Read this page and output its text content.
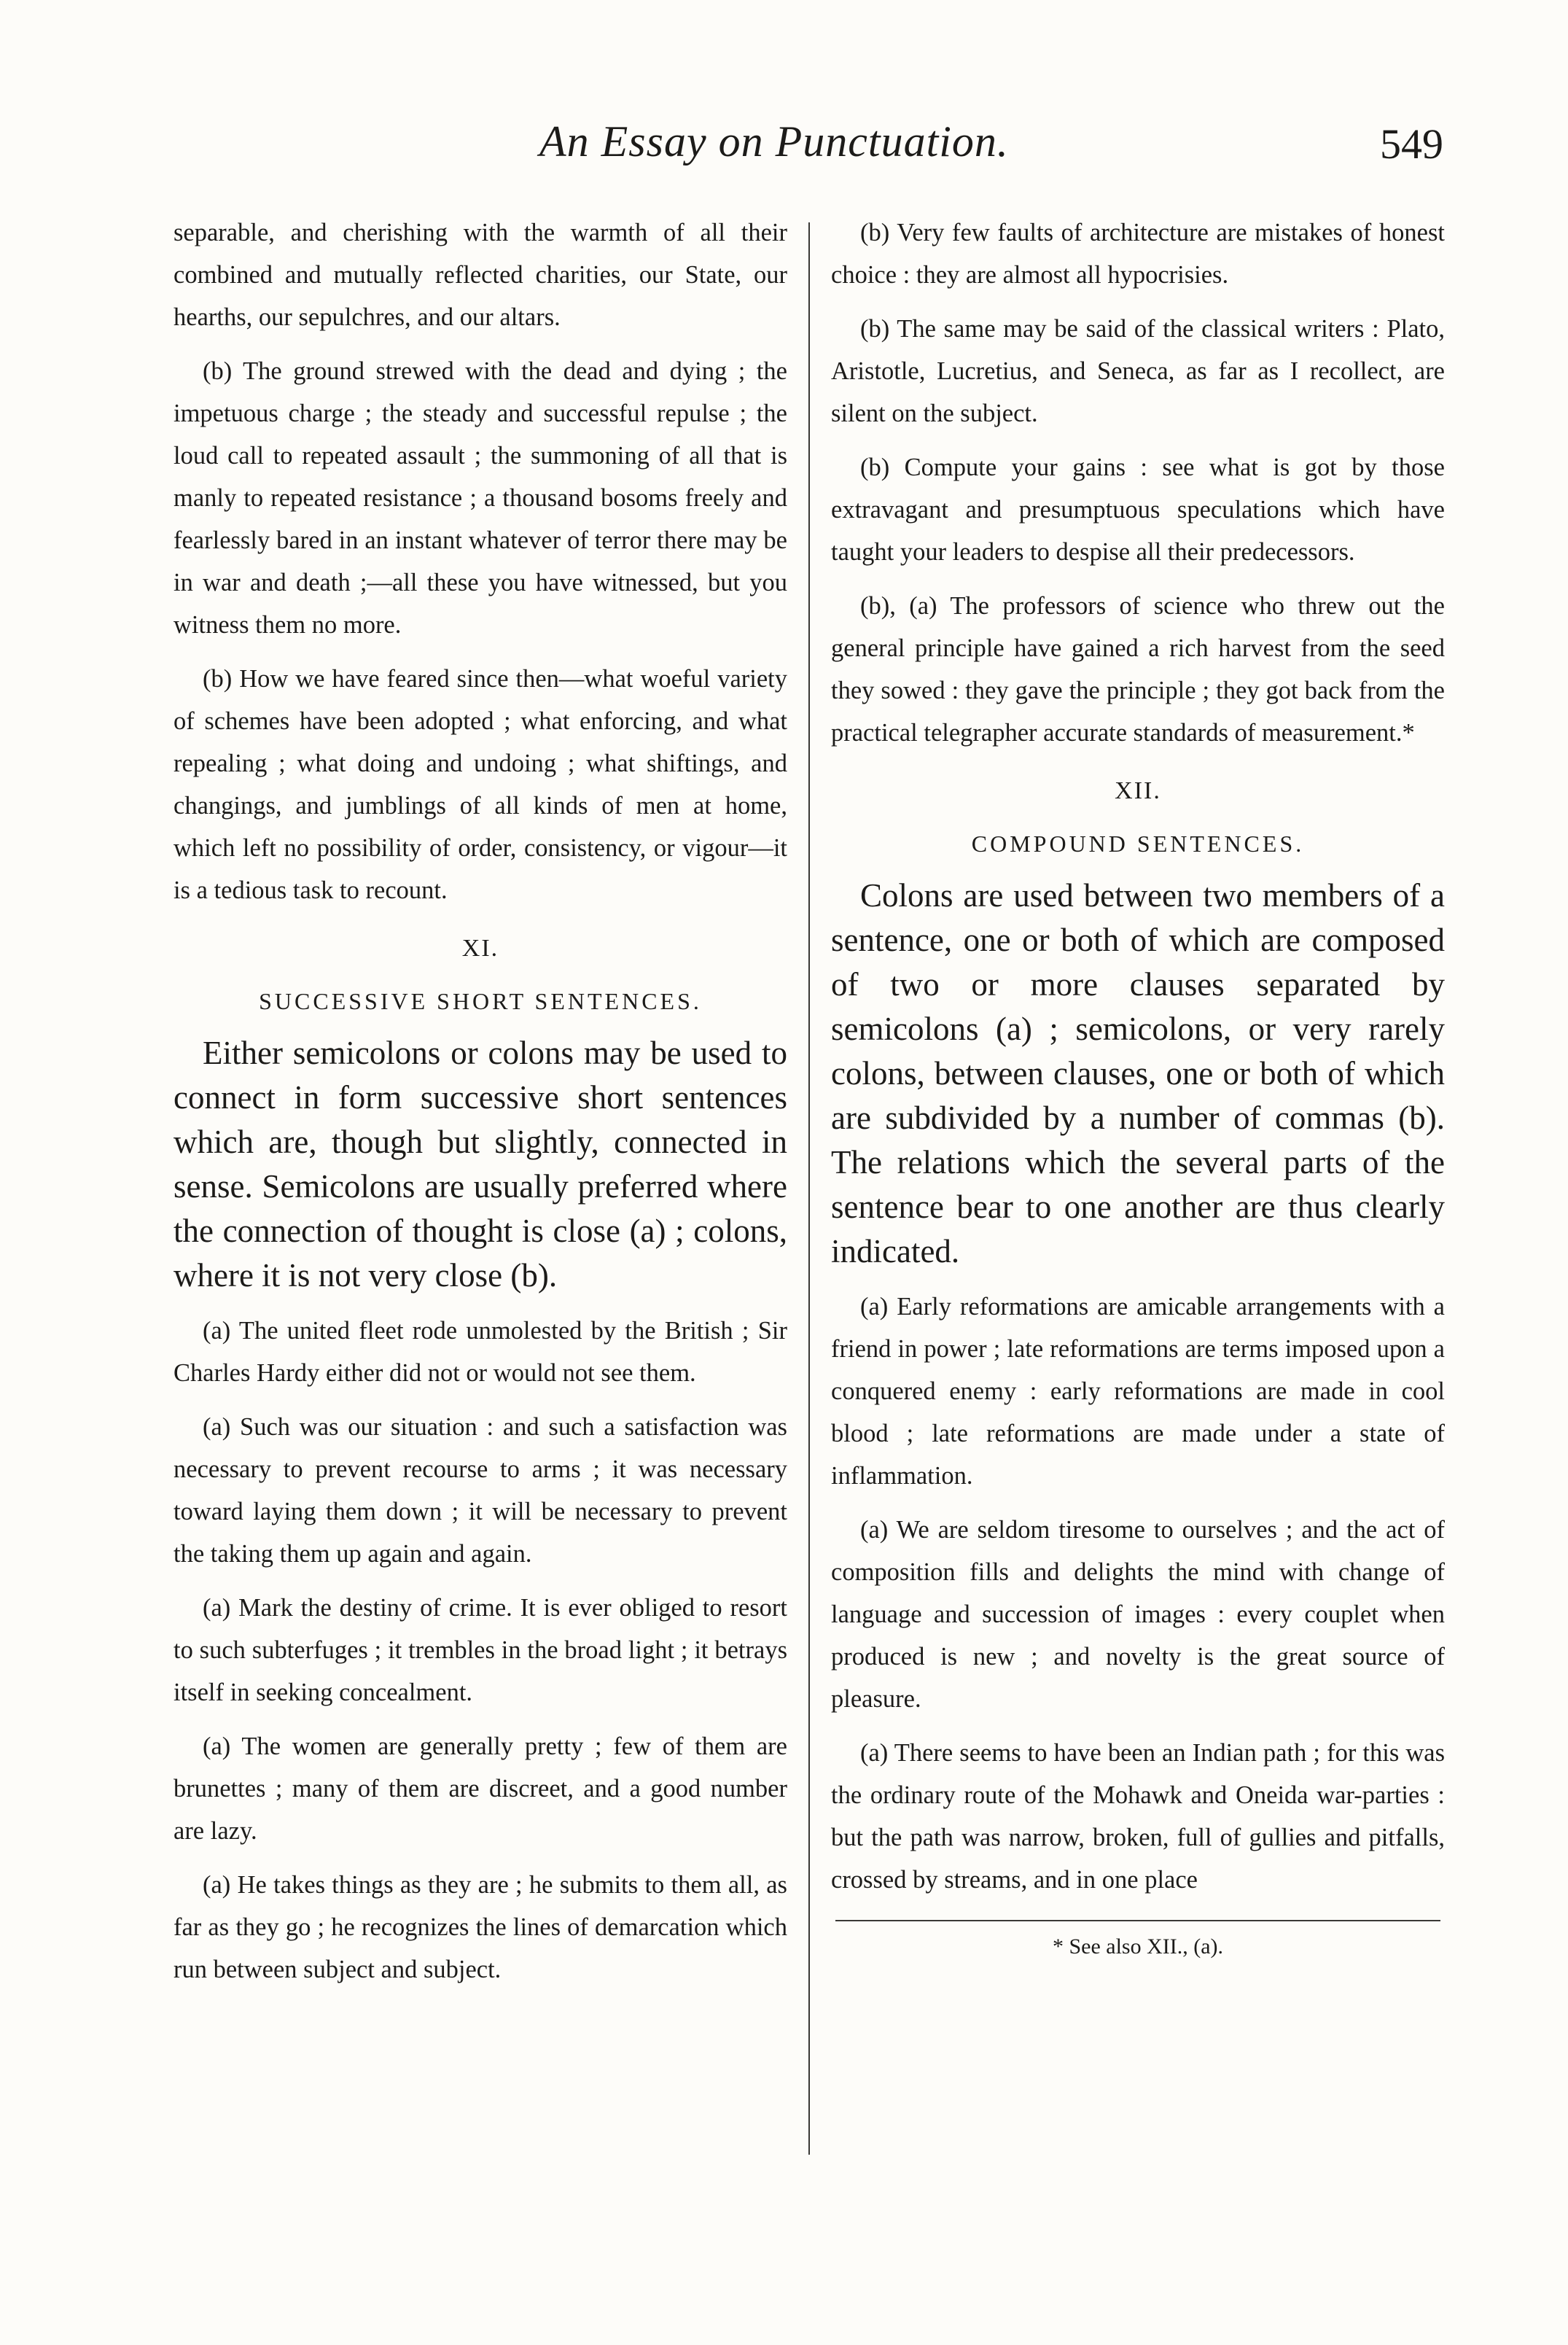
An Essay on Punctuation.	549

separable, and cherishing with the warmth of all their combined and mutually reflected charities, our State, our hearths, our sepulchres, and our altars.

(b) The ground strewed with the dead and dying ; the impetuous charge ; the steady and successful repulse ; the loud call to repeated assault ; the summoning of all that is manly to repeated resistance ; a thousand bosoms freely and fearlessly bared in an instant whatever of terror there may be in war and death ;—all these you have witnessed, but you witness them no more.

(b) How we have feared since then—what woeful variety of schemes have been adopted ; what enforcing, and what repealing ; what doing and undoing ; what shiftings, and changings, and jumblings of all kinds of men at home, which left no possibility of order, consistency, or vigour—it is a tedious task to recount.

XI.
SUCCESSIVE SHORT SENTENCES.

Either semicolons or colons may be used to connect in form successive short sentences which are, though but slightly, connected in sense. Semicolons are usually preferred where the connection of thought is close (a) ; colons, where it is not very close (b).

(a) The united fleet rode unmolested by the British ; Sir Charles Hardy either did not or would not see them.

(a) Such was our situation : and such a satisfaction was necessary to prevent recourse to arms ; it was necessary toward laying them down ; it will be necessary to prevent the taking them up again and again.

(a) Mark the destiny of crime. It is ever obliged to resort to such subterfuges ; it trembles in the broad light ; it betrays itself in seeking concealment.

(a) The women are generally pretty ; few of them are brunettes ; many of them are discreet, and a good number are lazy.

(a) He takes things as they are ; he submits to them all, as far as they go ; he recognizes the lines of demarcation which run between subject and subject.

(b) Very few faults of architecture are mistakes of honest choice : they are almost all hypocrisies.

(b) The same may be said of the classical writers : Plato, Aristotle, Lucretius, and Seneca, as far as I recollect, are silent on the subject.

(b) Compute your gains : see what is got by those extravagant and presumptuous speculations which have taught your leaders to despise all their predecessors.

(b), (a) The professors of science who threw out the general principle have gained a rich harvest from the seed they sowed : they gave the principle ; they got back from the practical telegrapher accurate standards of measurement.*

XII.
COMPOUND SENTENCES.

Colons are used between two members of a sentence, one or both of which are composed of two or more clauses separated by semicolons (a) ; semicolons, or very rarely colons, between clauses, one or both of which are subdivided by a number of commas (b). The relations which the several parts of the sentence bear to one another are thus clearly indicated.

(a) Early reformations are amicable arrangements with a friend in power ; late reformations are terms imposed upon a conquered enemy : early reformations are made in cool blood ; late reformations are made under a state of inflammation.

(a) We are seldom tiresome to ourselves ; and the act of composition fills and delights the mind with change of language and succession of images : every couplet when produced is new ; and novelty is the great source of pleasure.

(a) There seems to have been an Indian path ; for this was the ordinary route of the Mohawk and Oneida war-parties : but the path was narrow, broken, full of gullies and pitfalls, crossed by streams, and in one place

* See also XII., (a).
